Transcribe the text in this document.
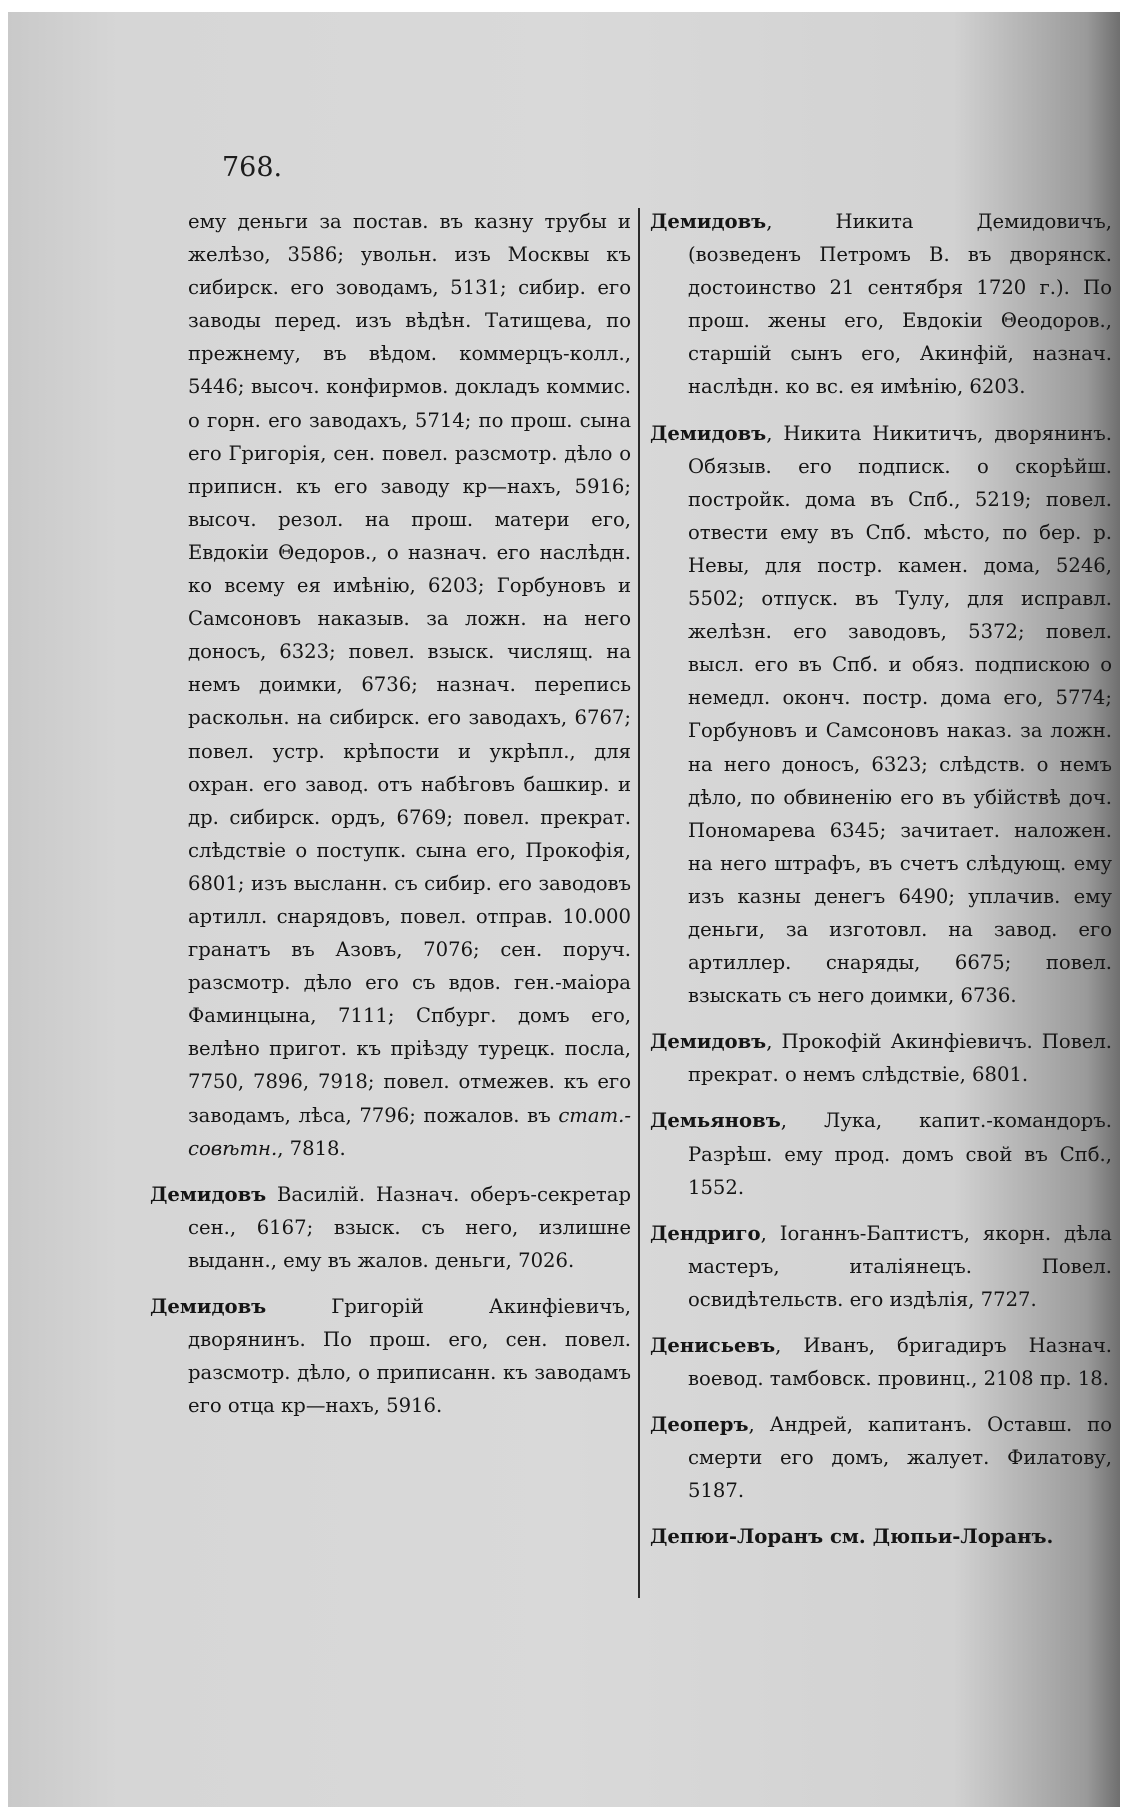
768.

ему деньги за постав. въ казну трубы и желѣзо, 3586; увольн. изъ Москвы къ сибирск. его зоводамъ, 5131; сибир. его заводы перед. изъ вѣдѣн. Татищева, по прежнему, въ вѣдом. коммерцъ-колл., 5446; высоч. конфирмов. докладъ коммис. о горн. его заводахъ, 5714; по прош. сына его Григорія, сен. повел. разсмотр. дѣло о приписн. къ его заводу кр—нахъ, 5916; высоч. резол. на прош. матери его, Евдокіи Θедоров., о назнач. его наслѣдн. ко всему ея имѣнію, 6203; Горбуновъ и Самсоновъ наказыв. за ложн. на него доносъ, 6323; повел. взыск. числящ. на немъ доимки, 6736; назнач. перепись раскольн. на сибирск. его заводахъ, 6767; повел. устр. крѣпости и укрѣпл., для охран. его завод. отъ набѣговъ башкир. и др. сибирск. ордъ, 6769; повел. прекрат. слѣдствіе о поступк. сына его, Прокофія, 6801; изъ высланн. съ сибир. его заводовъ артилл. снарядовъ, повел. отправ. 10.000 гранатъ въ Азовъ, 7076; сен. поруч. разсмотр. дѣло его съ вдов. ген.-маіора Фаминцына, 7111; Спбург. домъ его, велѣно пригот. къ пріѣзду турецк. посла, 7750, 7896, 7918; повел. отмежев. къ его заводамъ, лѣса, 7796; пожалов. въ стат.-совѣтн., 7818.

Демидовъ Василій. Назнач. оберъ-секретар сен., 6167; взыск. съ него, излишне выданн., ему въ жалов. деньги, 7026.

Демидовъ Григорій Акинфіевичъ, дворянинъ. По прош. его, сен. повел. разсмотр. дѣло, о приписанн. къ заводамъ его отца кр—нахъ, 5916.

Демидовъ, Никита Демидовичъ, (возведенъ Петромъ В. въ дворянск. достоинство 21 сентября 1720 г.). По прош. жены его, Евдокіи Θеодоров., старшій сынъ его, Акинфій, назнач. наслѣдн. ко вс. ея имѣнію, 6203.

Демидовъ, Никита Никитичъ, дворянинъ. Обязыв. его подписк. о скорѣйш. постройк. дома въ Спб., 5219; повел. отвести ему въ Спб. мѣсто, по бер. р. Невы, для постр. камен. дома, 5246, 5502; отпуск. въ Тулу, для исправл. желѣзн. его заводовъ, 5372; повел. высл. его въ Спб. и обяз. подпискою о немедл. оконч. постр. дома его, 5774; Горбуновъ и Самсоновъ наказ. за ложн. на него доносъ, 6323; слѣдств. о немъ дѣло, по обвиненію его въ убійствѣ доч. Пономарева 6345; зачитает. наложен. на него штрафъ, въ счетъ слѣдующ. ему изъ казны денегъ 6490; уплачив. ему деньги, за изготовл. на завод. его артиллер. снаряды, 6675; повел. взыскать съ него доимки, 6736.

Демидовъ, Прокофій Акинфіевичъ. Повел. прекрат. о немъ слѣдствіе, 6801.

Демьяновъ, Лука, капит.-командоръ. Разрѣш. ему прод. домъ свой въ Спб., 1552.

Дендриго, Іоганнъ-Баптистъ, якорн. дѣла мастеръ, италіянецъ. Повел. освидѣтельств. его издѣлія, 7727.

Денисьевъ, Иванъ, бригадиръ Назнач. воевод. тамбовск. провинц., 2108 пр. 18.

Деоперъ, Андрей, капитанъ. Оставш. по смерти его домъ, жалует. Филатову, 5187.

Депюи-Лоранъ см. Дюпьи-Лоранъ.
